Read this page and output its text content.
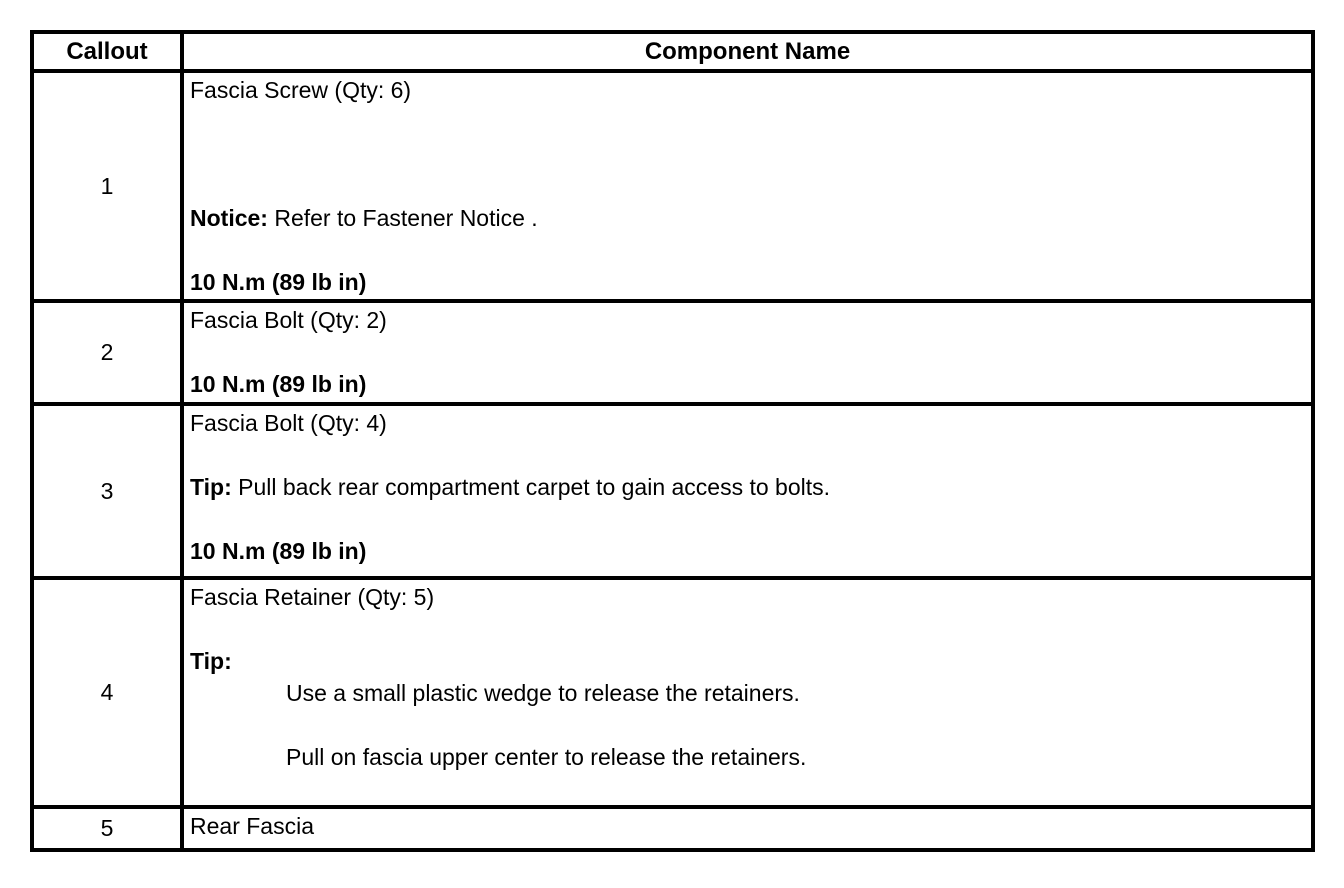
Callout	Component Name
1	Fascia Screw (Qty: 6)

Notice: Refer to Fastener Notice .

10 N.m (89 lb in)

2	Fascia Bolt (Qty: 2)

10 N.m (89 lb in)

3	Fascia Bolt (Qty: 4)

Tip: Pull back rear compartment carpet to gain access to bolts.

10 N.m (89 lb in)

4	Fascia Retainer (Qty: 5)

Tip:
Use a small plastic wedge to release the retainers.

Pull on fascia upper center to release the retainers.

5	Rear Fascia
